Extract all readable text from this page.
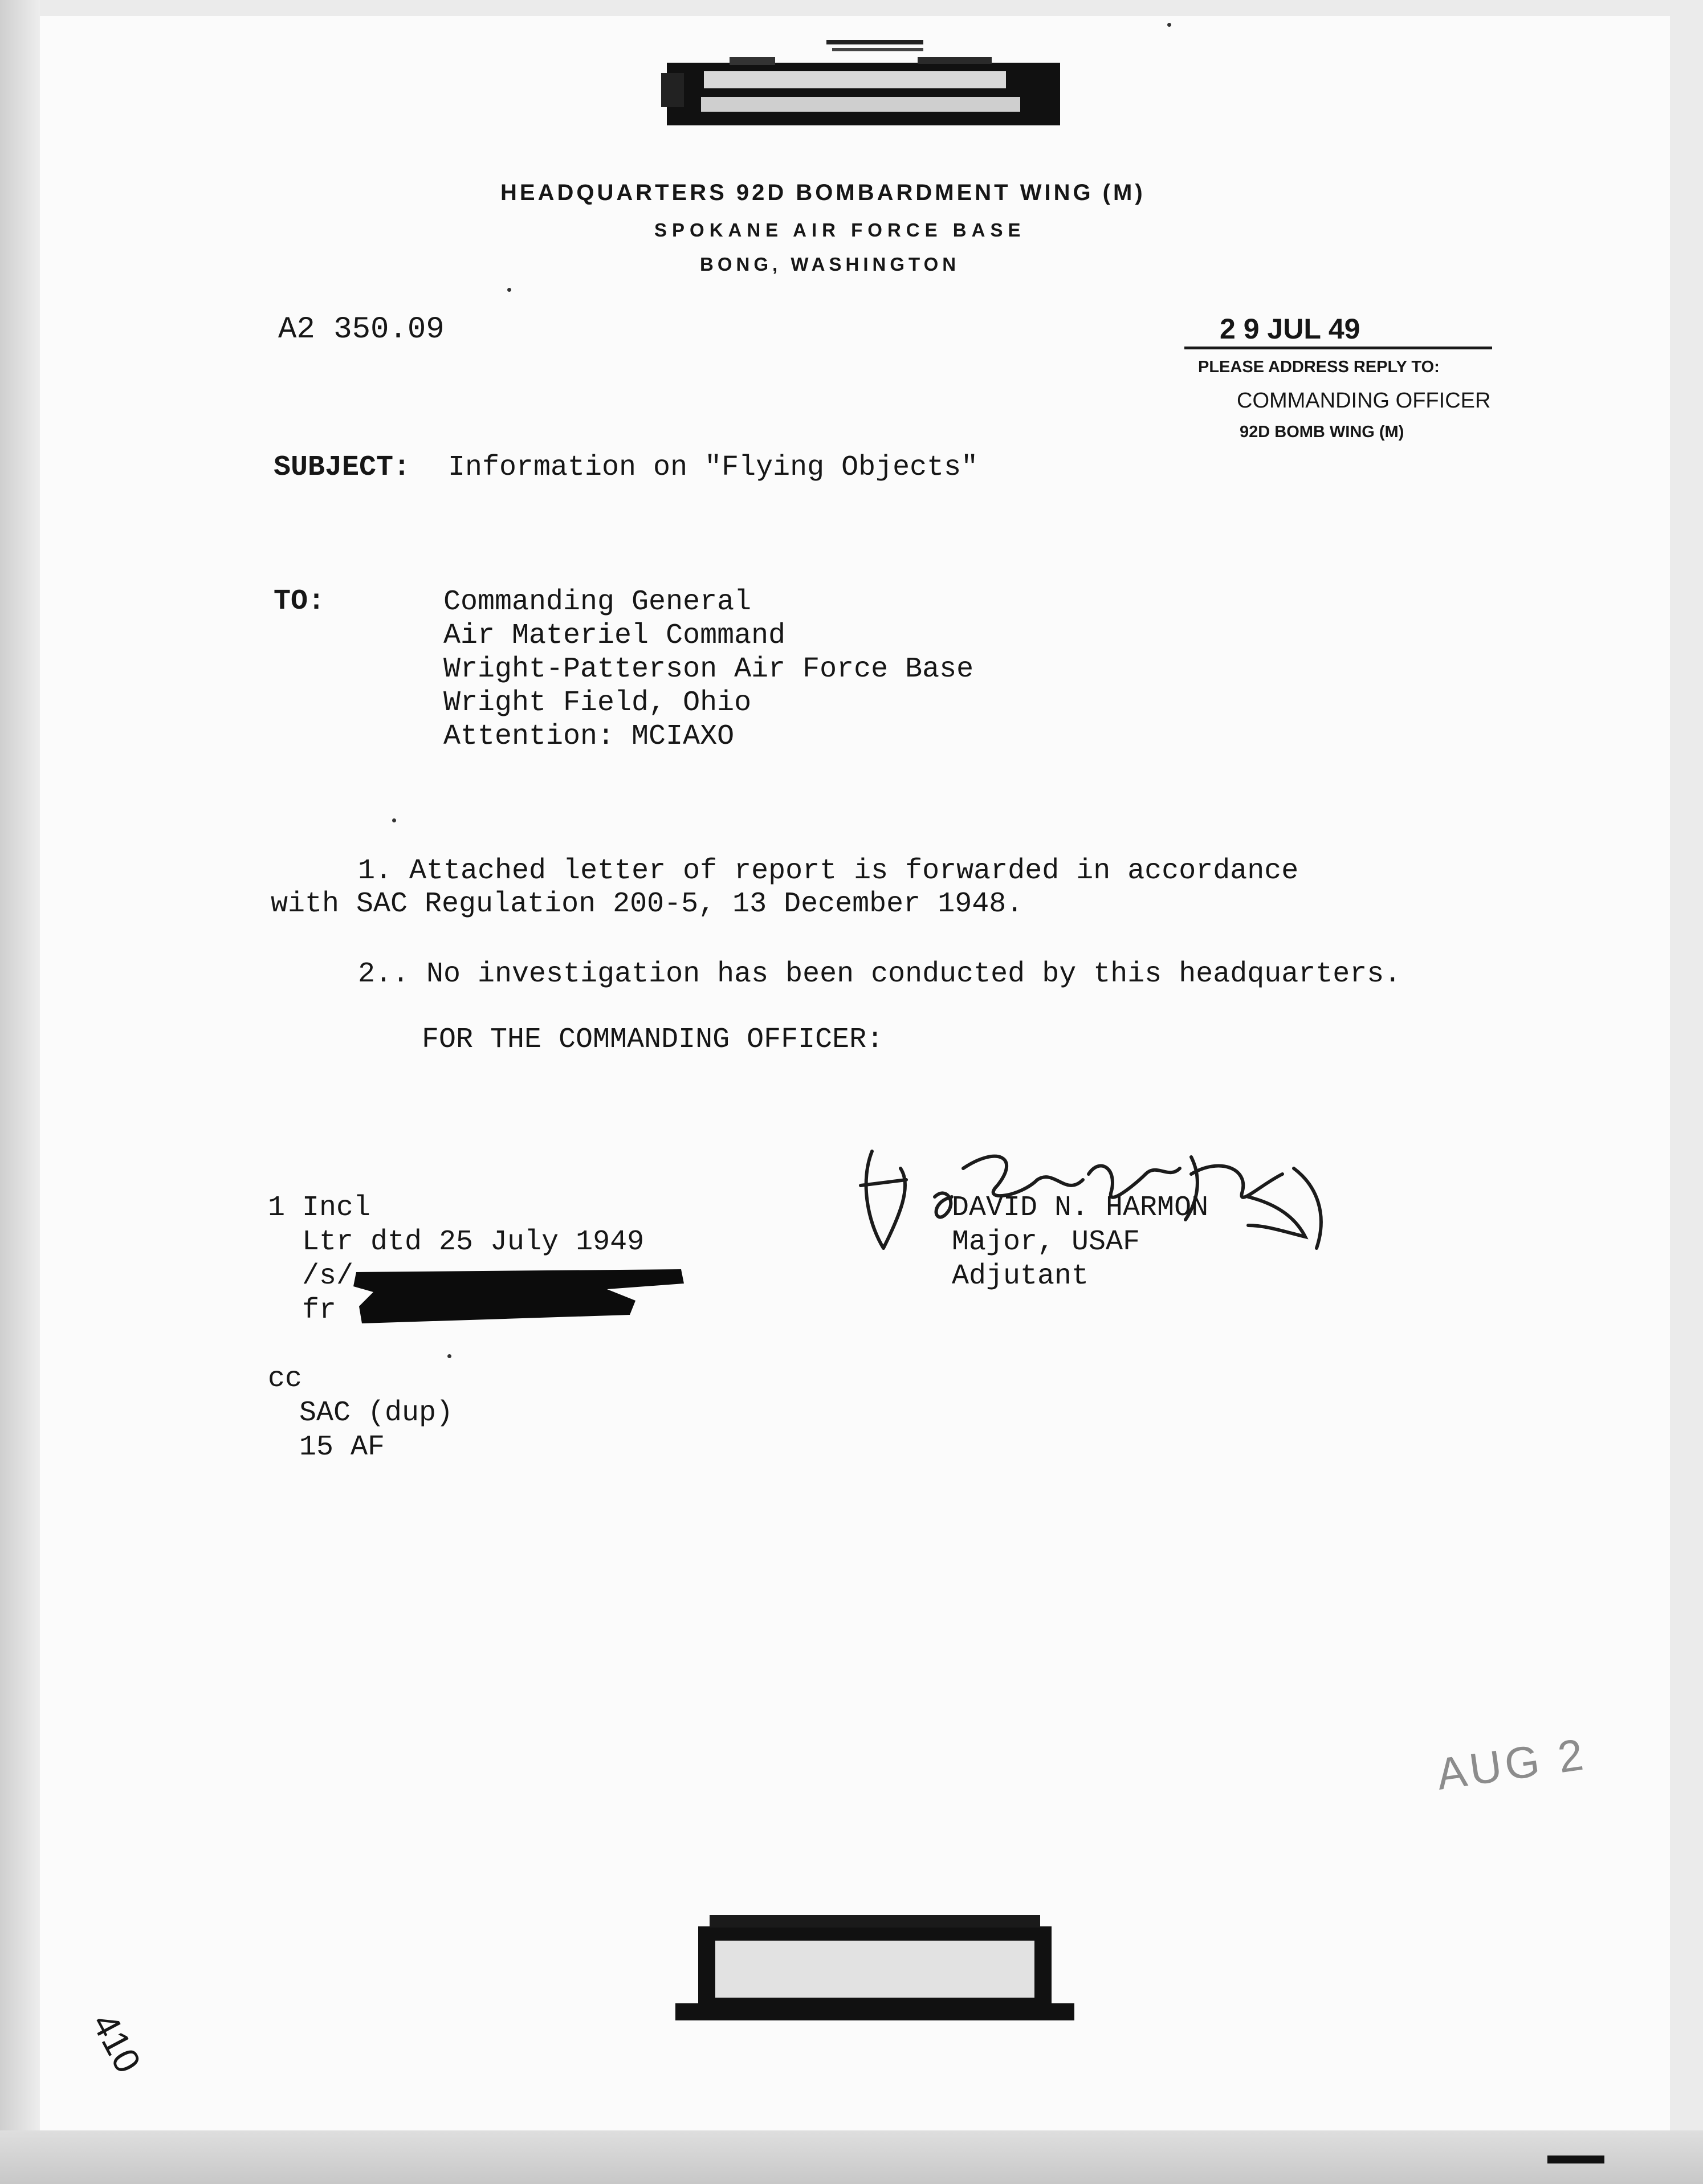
HEADQUARTERS 92D BOMBARDMENT WING (M)
SPOKANE AIR FORCE BASE
BONG, WASHINGTON
A2 350.09	2 9 JUL 49
PLEASE ADDRESS REPLY TO:
COMMANDING OFFICER
92D BOMB WING (M)
SUBJECT: Information on "Flying Objects"
TO:	Commanding General
Air Materiel Command
Wright-Patterson Air Force Base
Wright Field, Ohio
Attention: MCIAXO
1. Attached letter of report is forwarded in accordance
with SAC Regulation 200-5, 13 December 1948.
2.. No investigation has been conducted by this headquarters.
FOR THE COMMANDING OFFICER:
1 Incl
Ltr dtd 25 July 1949
/s/
fr
DAVID N. HARMON
Major, USAF
Adjutant
cc
SAC (dup)
15 AF
AUG 2
410
